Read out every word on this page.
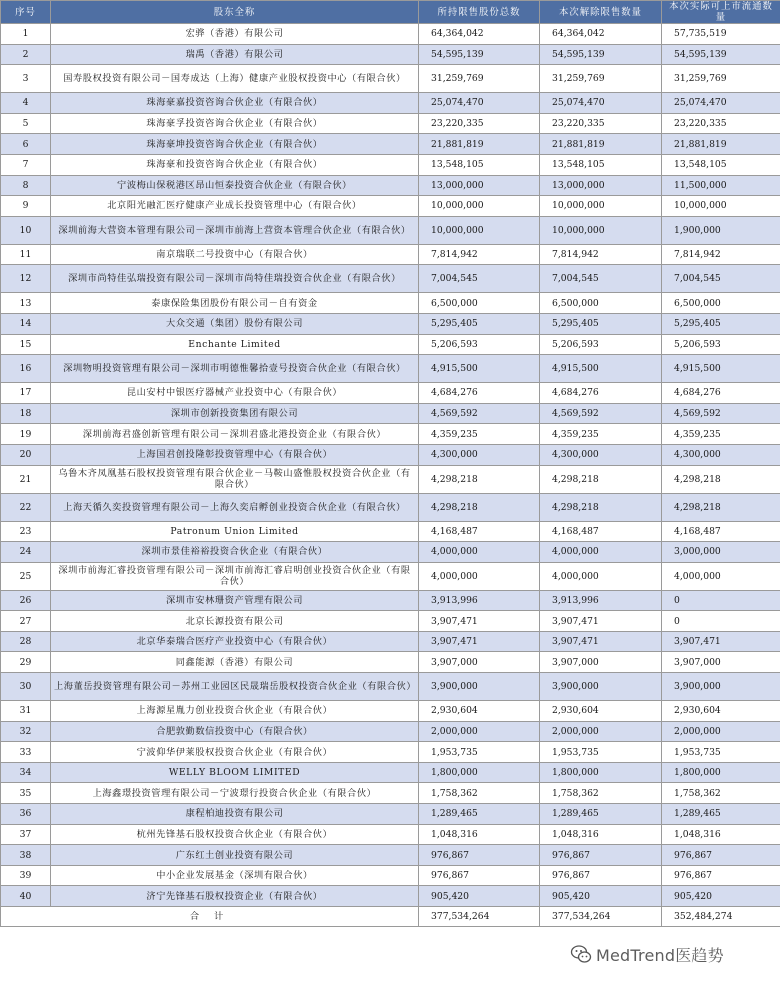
序号	股东全称	所持限售股份总数	本次解除限售数量	本次实际可上市流通数量
1	宏骅（香港）有限公司	64,364,042	64,364,042	57,735,519
2	瑞禹（香港）有限公司	54,595,139	54,595,139	54,595,139
3	国寿股权投资有限公司－国寿成达（上海）健康产业股权投资中心（有限合伙）	31,259,769	31,259,769	31,259,769
4	珠海豪嘉投资咨询合伙企业（有限合伙）	25,074,470	25,074,470	25,074,470
5	珠海豪孚投资咨询合伙企业（有限合伙）	23,220,335	23,220,335	23,220,335
6	珠海豪坤投资咨询合伙企业（有限合伙）	21,881,819	21,881,819	21,881,819
7	珠海豪和投资咨询合伙企业（有限合伙）	13,548,105	13,548,105	13,548,105
8	宁波梅山保税港区昂山恒泰投资合伙企业（有限合伙）	13,000,000	13,000,000	11,500,000
9	北京阳光融汇医疗健康产业成长投资管理中心（有限合伙）	10,000,000	10,000,000	10,000,000
10	深圳前海大营资本管理有限公司－深圳市前海上营资本管理合伙企业（有限合伙）	10,000,000	10,000,000	1,900,000
11	南京瑞联二号投资中心（有限合伙）	7,814,942	7,814,942	7,814,942
12	深圳市尚特佳弘瑞投资有限公司－深圳市尚特佳瑞投资合伙企业（有限合伙）	7,004,545	7,004,545	7,004,545
13	泰康保险集团股份有限公司－自有资金	6,500,000	6,500,000	6,500,000
14	大众交通（集团）股份有限公司	5,295,405	5,295,405	5,295,405
15	Enchante Limited	5,206,593	5,206,593	5,206,593
16	深圳物明投资管理有限公司－深圳市明德惟馨拾壹号投资合伙企业（有限合伙）	4,915,500	4,915,500	4,915,500
17	昆山安村中银医疗器械产业投资中心（有限合伙）	4,684,276	4,684,276	4,684,276
18	深圳市创新投资集团有限公司	4,569,592	4,569,592	4,569,592
19	深圳前海君盛创新管理有限公司－深圳君盛北港投资企业（有限合伙）	4,359,235	4,359,235	4,359,235
20	上海国君创投隆彰投资管理中心（有限合伙）	4,300,000	4,300,000	4,300,000
21	乌鲁木齐凤凰基石股权投资管理有限合伙企业－马鞍山盛惟股权投资合伙企业（有限合伙）	4,298,218	4,298,218	4,298,218
22	上海天循久奕投资管理有限公司－上海久奕启孵创业投资合伙企业（有限合伙）	4,298,218	4,298,218	4,298,218
23	Patronum Union Limited	4,168,487	4,168,487	4,168,487
24	深圳市景佳裕裕投资合伙企业（有限合伙）	4,000,000	4,000,000	3,000,000
25	深圳市前海汇睿投资管理有限公司－深圳市前海汇睿启明创业投资合伙企业（有限合伙）	4,000,000	4,000,000	4,000,000
26	深圳市安林珊资产管理有限公司	3,913,996	3,913,996	0
27	北京长源投资有限公司	3,907,471	3,907,471	0
28	北京华泰瑞合医疗产业投资中心（有限合伙）	3,907,471	3,907,471	3,907,471
29	同鑫能源（香港）有限公司	3,907,000	3,907,000	3,907,000
30	上海董岳投资管理有限公司－苏州工业园区民晟瑞岳股权投资合伙企业（有限合伙）	3,900,000	3,900,000	3,900,000
31	上海源星胤力创业投资合伙企业（有限合伙）	2,930,604	2,930,604	2,930,604
32	合肥敦勤数信投资中心（有限合伙）	2,000,000	2,000,000	2,000,000
33	宁波仰华伊莱股权投资合伙企业（有限合伙）	1,953,735	1,953,735	1,953,735
34	WELLY BLOOM LIMITED	1,800,000	1,800,000	1,800,000
35	上海鑫璟投资管理有限公司－宁波璟行投资合伙企业（有限合伙）	1,758,362	1,758,362	1,758,362
36	康程柏迪投资有限公司	1,289,465	1,289,465	1,289,465
37	杭州先锋基石股权投资合伙企业（有限合伙）	1,048,316	1,048,316	1,048,316
38	广东红土创业投资有限公司	976,867	976,867	976,867
39	中小企业发展基金（深圳有限合伙）	976,867	976,867	976,867
40	济宁先锋基石股权投资企业（有限合伙）	905,420	905,420	905,420
合 计		377,534,264	377,534,264	352,484,274
MedTrend医趋势
